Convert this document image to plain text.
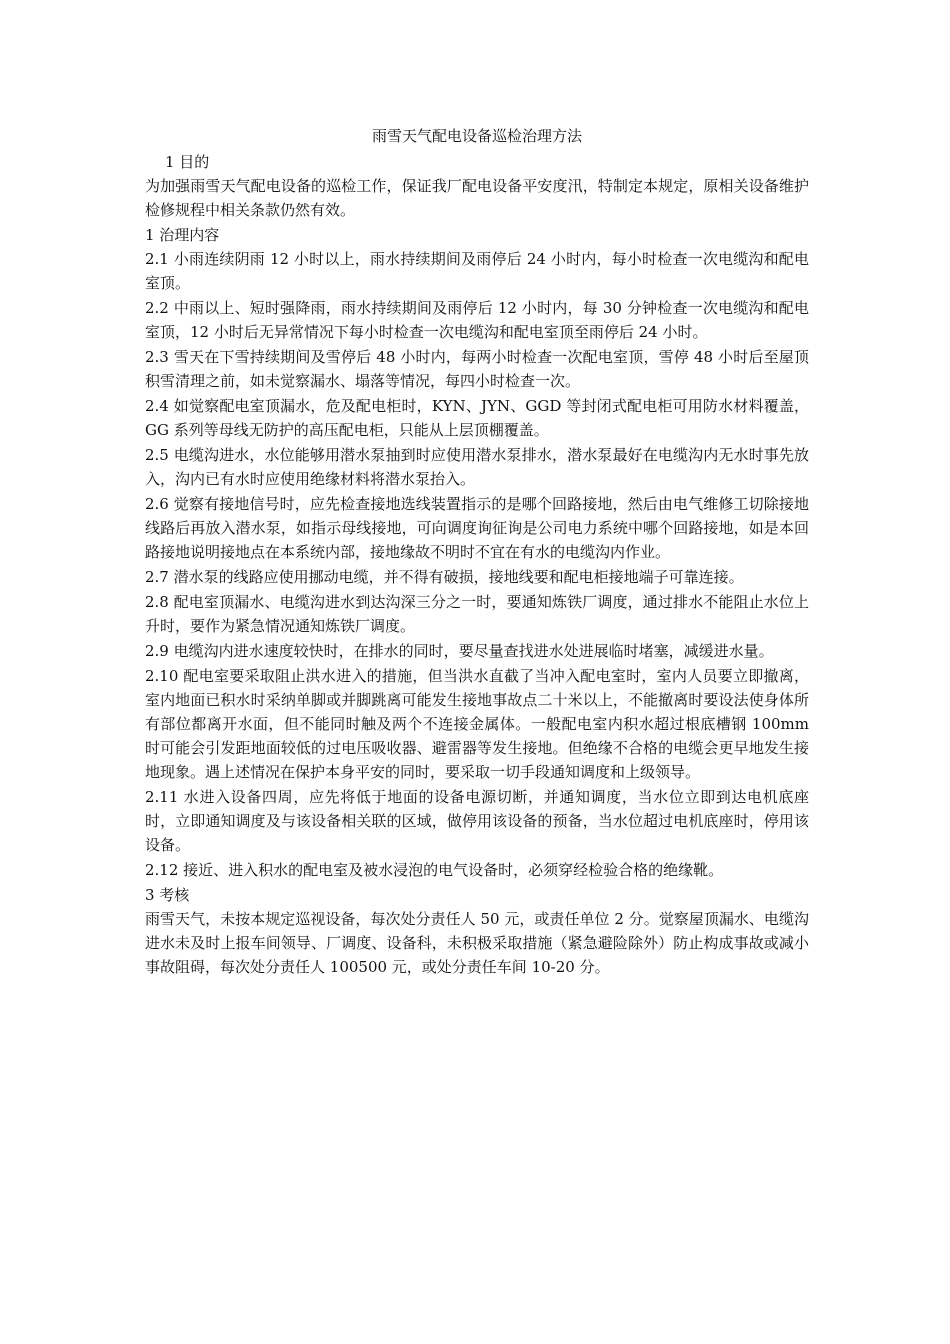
雨雪天气配电设备巡检治理方法
1 目的
为加强雨雪天气配电设备的巡检工作，保证我厂配电设备平安度汛，特制定本规定，原相关设备维护检修规程中相关条款仍然有效。
1 治理内容
2.1 小雨连续阴雨 12 小时以上，雨水持续期间及雨停后 24 小时内，每小时检查一次电缆沟和配电室顶。
2.2 中雨以上、短时强降雨，雨水持续期间及雨停后 12 小时内，每 30 分钟检查一次电缆沟和配电室顶，12 小时后无异常情况下每小时检查一次电缆沟和配电室顶至雨停后 24 小时。
2.3 雪天在下雪持续期间及雪停后 48 小时内，每两小时检查一次配电室顶，雪停 48 小时后至屋顶积雪清理之前，如未觉察漏水、塌落等情况，每四小时检查一次。
2.4 如觉察配电室顶漏水，危及配电柜时，KYN、JYN、GGD 等封闭式配电柜可用防水材料覆盖，GG 系列等母线无防护的高压配电柜，只能从上层顶棚覆盖。
2.5 电缆沟进水，水位能够用潜水泵抽到时应使用潜水泵排水，潜水泵最好在电缆沟内无水时事先放入，沟内已有水时应使用绝缘材料将潜水泵抬入。
2.6 觉察有接地信号时，应先检查接地选线装置指示的是哪个回路接地，然后由电气维修工切除接地线路后再放入潜水泵，如指示母线接地，可向调度询征询是公司电力系统中哪个回路接地，如是本回路接地说明接地点在本系统内部，接地缘故不明时不宜在有水的电缆沟内作业。
2.7 潜水泵的线路应使用挪动电缆，并不得有破损，接地线要和配电柜接地端子可靠连接。
2.8 配电室顶漏水、电缆沟进水到达沟深三分之一时，要通知炼铁厂调度，通过排水不能阻止水位上升时，要作为紧急情况通知炼铁厂调度。
2.9 电缆沟内进水速度较快时，在排水的同时，要尽量查找进水处进展临时堵塞，减缓进水量。
2.10 配电室要采取阻止洪水进入的措施，但当洪水直截了当冲入配电室时，室内人员要立即撤离，室内地面已积水时采纳单脚或并脚跳离可能发生接地事故点二十米以上，不能撤离时要设法使身体所有部位都离开水面，但不能同时触及两个不连接金属体。一般配电室内积水超过根底槽钢 100mm 时可能会引发距地面较低的过电压吸收器、避雷器等发生接地。但绝缘不合格的电缆会更早地发生接地现象。遇上述情况在保护本身平安的同时，要采取一切手段通知调度和上级领导。
2.11 水进入设备四周，应先将低于地面的设备电源切断，并通知调度，当水位立即到达电机底座时，立即通知调度及与该设备相关联的区域，做停用该设备的预备，当水位超过电机底座时，停用该设备。
2.12 接近、进入积水的配电室及被水浸泡的电气设备时，必须穿经检验合格的绝缘靴。
3 考核
雨雪天气，未按本规定巡视设备，每次处分责任人 50 元，或责任单位 2 分。觉察屋顶漏水、电缆沟进水未及时上报车间领导、厂调度、设备科，未积极采取措施（紧急避险除外）防止构成事故或减小事故阻碍，每次处分责任人 100500 元，或处分责任车间 10-20 分。
